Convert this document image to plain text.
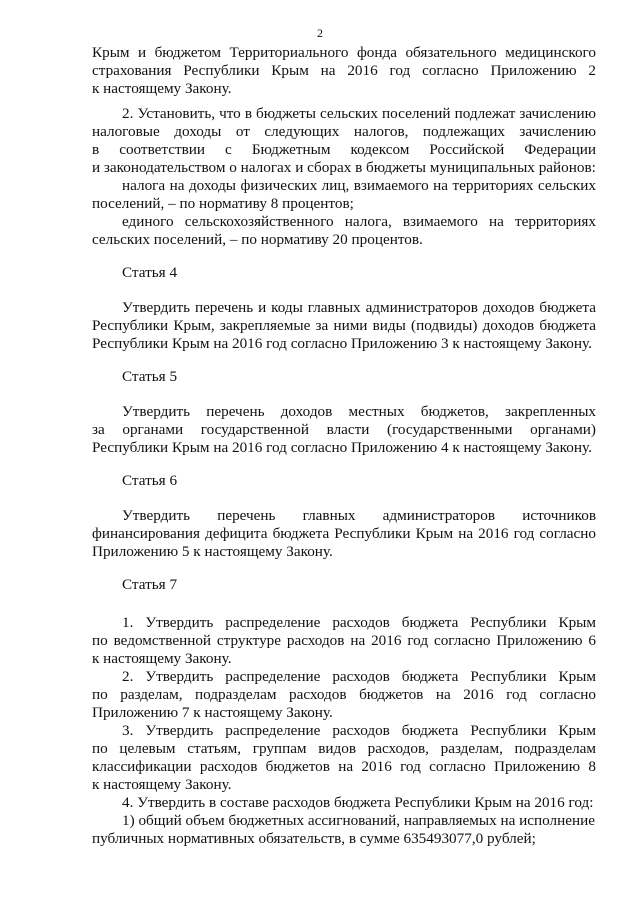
2
Крым и бюджетом Территориального фонда обязательного медицинского
страхования Республики Крым на 2016 год согласно Приложению 2
к настоящему Закону.
2. Установить, что в бюджеты сельских поселений подлежат зачислению
налоговые доходы от следующих налогов, подлежащих зачислению
в соответствии с Бюджетным кодексом Российской Федерации
и законодательством о налогах и сборах в бюджеты муниципальных районов:
налога на доходы физических лиц, взимаемого на территориях сельских
поселений, – по нормативу 8 процентов;
единого сельскохозяйственного налога, взимаемого на территориях
сельских поселений, – по нормативу 20 процентов.
Статья 4
Утвердить перечень и коды главных администраторов доходов бюджета
Республики Крым, закрепляемые за ними виды (подвиды) доходов бюджета
Республики Крым на 2016 год согласно Приложению 3 к настоящему Закону.
Статья 5
Утвердить перечень доходов местных бюджетов, закрепленных
за органами государственной власти (государственными органами)
Республики Крым на 2016 год согласно Приложению 4 к настоящему Закону.
Статья 6
Утвердить перечень главных администраторов источников
финансирования дефицита бюджета Республики Крым на 2016 год согласно
Приложению 5 к настоящему Закону.
Статья 7
1. Утвердить распределение расходов бюджета Республики Крым
по ведомственной структуре расходов на 2016 год согласно Приложению 6
к настоящему Закону.
2. Утвердить распределение расходов бюджета Республики Крым
по разделам, подразделам расходов бюджетов на 2016 год согласно
Приложению 7 к настоящему Закону.
3. Утвердить распределение расходов бюджета Республики Крым
по целевым статьям, группам видов расходов, разделам, подразделам
классификации расходов бюджетов на 2016 год согласно Приложению 8
к настоящему Закону.
4. Утвердить в составе расходов бюджета Республики Крым на 2016 год:
1) общий объем бюджетных ассигнований, направляемых на исполнение
публичных нормативных обязательств, в сумме 635493077,0 рублей;
